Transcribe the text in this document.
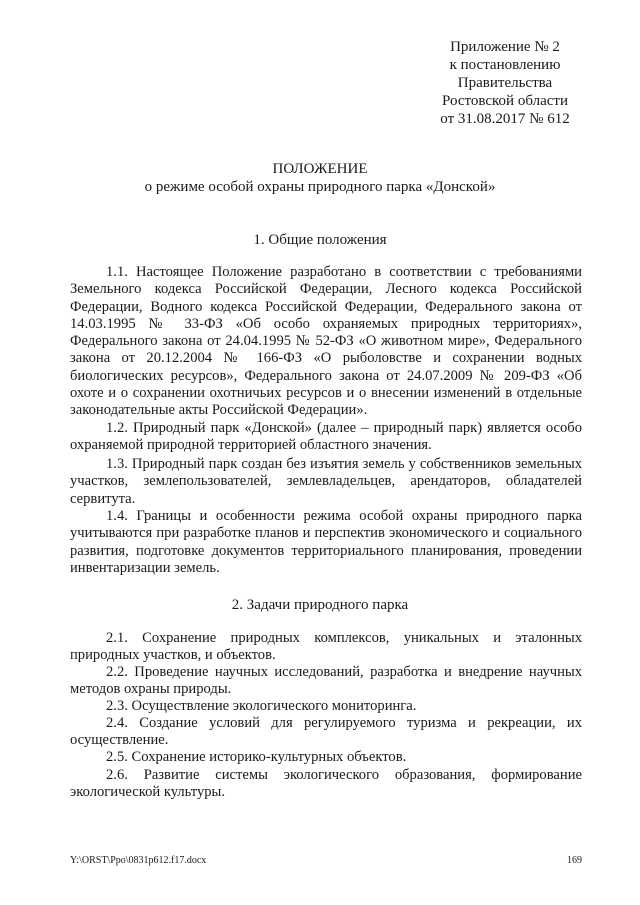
Приложение № 2
к постановлению
Правительства
Ростовской области
от 31.08.2017 № 612
ПОЛОЖЕНИЕ
о режиме особой охраны природного парка «Донской»
1. Общие положения
1.1. Настоящее Положение разработано в соответствии с требованиями Земельного кодекса Российской Федерации, Лесного кодекса Российской Федерации, Водного кодекса Российской Федерации, Федерального закона от 14.03.1995 № 33-ФЗ «Об особо охраняемых природных территориях», Федерального закона от 24.04.1995 № 52-ФЗ «О животном мире», Федерального закона от 20.12.2004 № 166-ФЗ «О рыболовстве и сохранении водных биологических ресурсов», Федерального закона от 24.07.2009 № 209-ФЗ «Об охоте и о сохранении охотничьих ресурсов и о внесении изменений в отдельные законодательные акты Российской Федерации».
1.2. Природный парк «Донской» (далее – природный парк) является особо охраняемой природной территорией областного значения.
1.3. Природный парк создан без изъятия земель у собственников земельных участков, землепользователей, землевладельцев, арендаторов, обладателей сервитута.
1.4. Границы и особенности режима особой охраны природного парка учитываются при разработке планов и перспектив экономического и социального развития, подготовке документов территориального планирования, проведении инвентаризации земель.
2. Задачи природного парка
2.1. Сохранение природных комплексов, уникальных и эталонных природных участков, и объектов.
2.2. Проведение научных исследований, разработка и внедрение научных методов охраны природы.
2.3. Осуществление экологического мониторинга.
2.4. Создание условий для регулируемого туризма и рекреации, их осуществление.
2.5. Сохранение историко-культурных объектов.
2.6. Развитие системы экологического образования, формирование экологической культуры.
Y:\ORST\Ppo\0831p612.f17.docx	169
